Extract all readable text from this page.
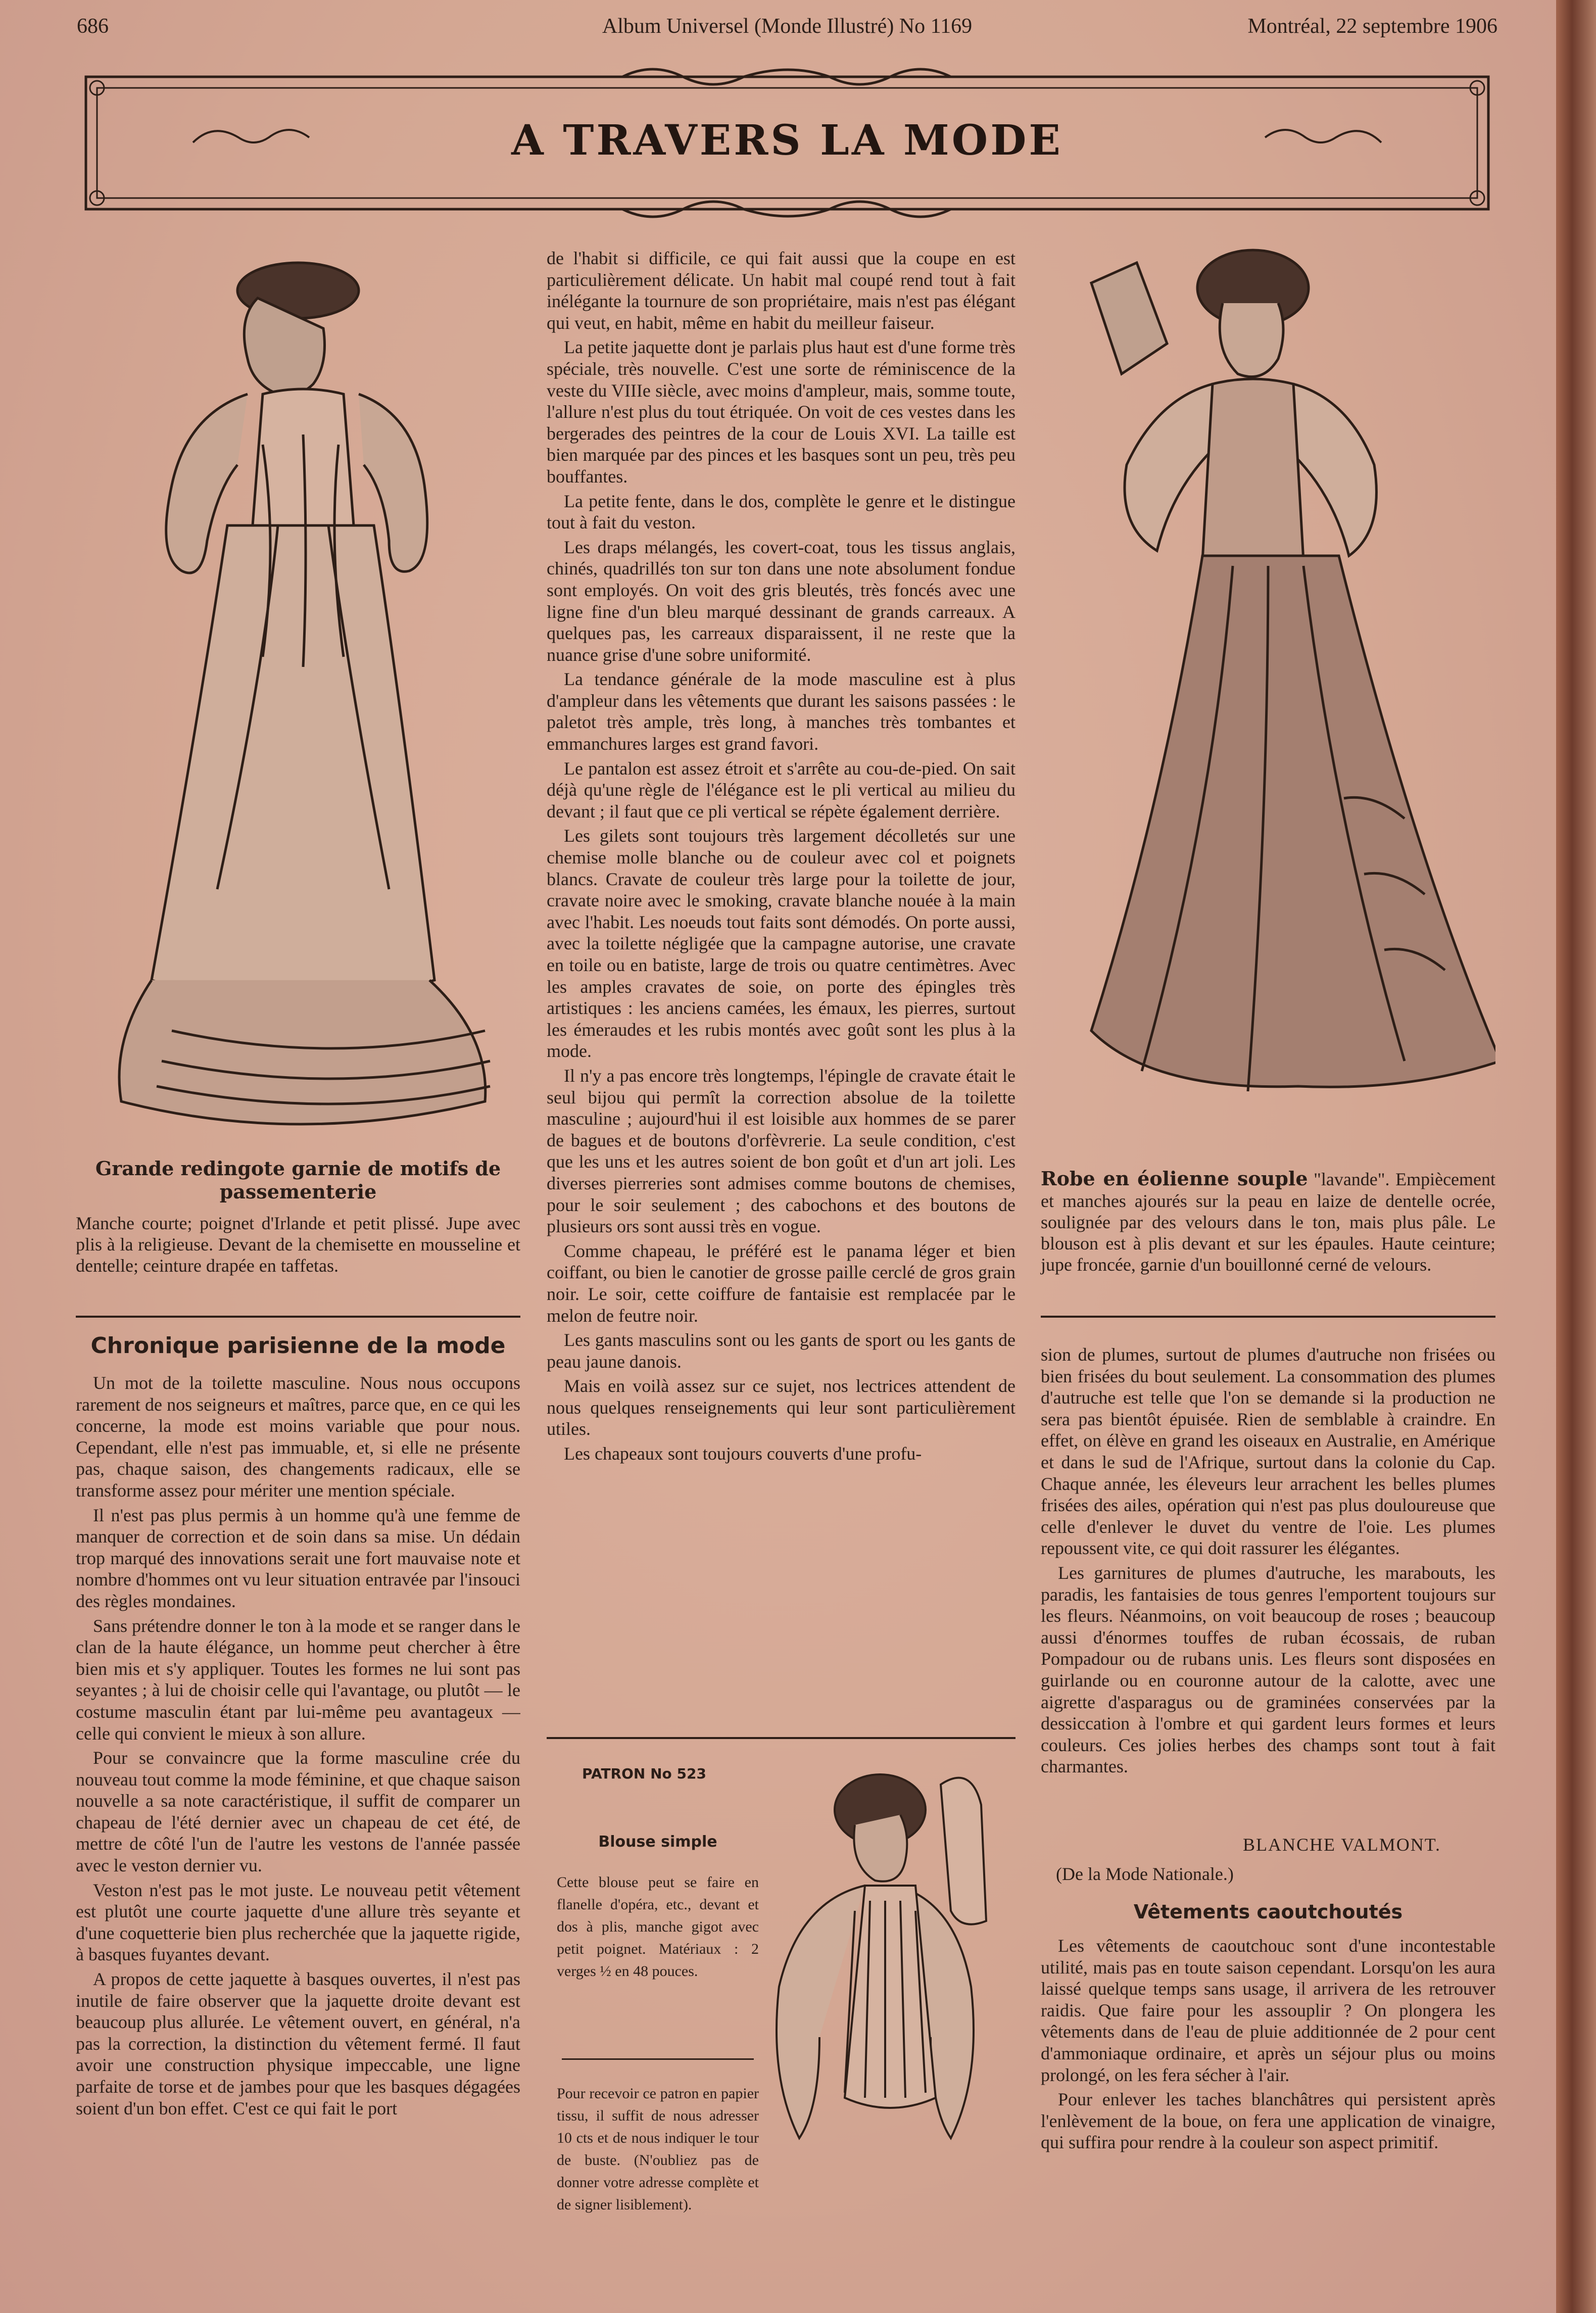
686	Album Universel (Monde Illustré) No 1169	Montréal, 22 septembre 1906
A TRAVERS LA MODE
Grande redingote garnie de motifs de passementerie
Manche courte; poignet d'Irlande et petit plissé. Jupe avec plis à la religieuse. Devant de la chemisette en mousseline et dentelle; ceinture drapée en taffetas.
Chronique parisienne de la mode

Un mot de la toilette masculine. Nous nous occupons rarement de nos seigneurs et maîtres, parce que, en ce qui les concerne, la mode est moins variable que pour nous. Cependant, elle n'est pas immuable, et, si elle ne présente pas, chaque saison, des changements radicaux, elle se transforme assez pour mériter une mention spéciale.

Il n'est pas plus permis à un homme qu'à une femme de manquer de correction et de soin dans sa mise. Un dédain trop marqué des innovations serait une fort mauvaise note et nombre d'hommes ont vu leur situation entravée par l'insouci des règles mondaines.

Sans prétendre donner le ton à la mode et se ranger dans le clan de la haute élégance, un homme peut chercher à être bien mis et s'y appliquer. Toutes les formes ne lui sont pas seyantes ; à lui de choisir celle qui l'avantage, ou plutôt — le costume masculin étant par lui-même peu avantageux — celle qui convient le mieux à son allure.

Pour se convaincre que la forme masculine crée du nouveau tout comme la mode féminine, et que chaque saison nouvelle a sa note caractéristique, il suffit de comparer un chapeau de l'été dernier avec un chapeau de cet été, de mettre de côté l'un de l'autre les vestons de l'année passée avec le veston dernier vu.

Veston n'est pas le mot juste. Le nouveau petit vêtement est plutôt une courte jaquette d'une allure très seyante et d'une coquetterie bien plus recherchée que la jaquette rigide, à basques fuyantes devant.

A propos de cette jaquette à basques ouvertes, il n'est pas inutile de faire observer que la jaquette droite devant est beaucoup plus allurée. Le vêtement ouvert, en général, n'a pas la correction, la distinction du vêtement fermé. Il faut avoir une construction physique impeccable, une ligne parfaite de torse et de jambes pour que les basques dégagées soient d'un bon effet. C'est ce qui fait le port

de l'habit si difficile, ce qui fait aussi que la coupe en est particulièrement délicate. Un habit mal coupé rend tout à fait inélégante la tournure de son propriétaire, mais n'est pas élégant qui veut, en habit, même en habit du meilleur faiseur.

La petite jaquette dont je parlais plus haut est d'une forme très spéciale, très nouvelle. C'est une sorte de réminiscence de la veste du VIIIe siècle, avec moins d'ampleur, mais, somme toute, l'allure n'est plus du tout étriquée. On voit de ces vestes dans les bergerades des peintres de la cour de Louis XVI. La taille est bien marquée par des pinces et les basques sont un peu, très peu bouffantes.

La petite fente, dans le dos, complète le genre et le distingue tout à fait du veston.

Les draps mélangés, les covert-coat, tous les tissus anglais, chinés, quadrillés ton sur ton dans une note absolument fondue sont employés. On voit des gris bleutés, très foncés avec une ligne fine d'un bleu marqué dessinant de grands carreaux. A quelques pas, les carreaux disparaissent, il ne reste que la nuance grise d'une sobre uniformité.

La tendance générale de la mode masculine est à plus d'ampleur dans les vêtements que durant les saisons passées : le paletot très ample, très long, à manches très tombantes et emmanchures larges est grand favori.

Le pantalon est assez étroit et s'arrête au cou-de-pied. On sait déjà qu'une règle de l'élégance est le pli vertical au milieu du devant ; il faut que ce pli vertical se répète également derrière.

Les gilets sont toujours très largement décolletés sur une chemise molle blanche ou de couleur avec col et poignets blancs. Cravate de couleur très large pour la toilette de jour, cravate noire avec le smoking, cravate blanche nouée à la main avec l'habit. Les noeuds tout faits sont démodés. On porte aussi, avec la toilette négligée que la campagne autorise, une cravate en toile ou en batiste, large de trois ou quatre centimètres. Avec les amples cravates de soie, on porte des épingles très artistiques : les anciens camées, les émaux, les pierres, surtout les émeraudes et les rubis montés avec goût sont les plus à la mode.

Il n'y a pas encore très longtemps, l'épingle de cravate était le seul bijou qui permît la correction absolue de la toilette masculine ; aujourd'hui il est loisible aux hommes de se parer de bagues et de boutons d'orfèvrerie. La seule condition, c'est que les uns et les autres soient de bon goût et d'un art joli. Les diverses pierreries sont admises comme boutons de chemises, pour le soir seulement ; des cabochons et des boutons de plusieurs ors sont aussi très en vogue.

Comme chapeau, le préféré est le panama léger et bien coiffant, ou bien le canotier de grosse paille cerclé de gros grain noir. Le soir, cette coiffure de fantaisie est remplacée par le melon de feutre noir.

Les gants masculins sont ou les gants de sport ou les gants de peau jaune danois.

Mais en voilà assez sur ce sujet, nos lectrices attendent de nous quelques renseignements qui leur sont particulièrement utiles.

Les chapeaux sont toujours couverts d'une profu-

PATRON No 523
Blouse simple
Cette blouse peut se faire en flanelle d'opéra, etc., devant et dos à plis, manche gigot avec petit poignet. Matériaux : 2 verges ½ en 48 pouces.
Pour recevoir ce patron en papier tissu, il suffit de nous adresser 10 cts et de nous indiquer le tour de buste. (N'oubliez pas de donner votre adresse complète et de signer lisiblement).
Robe en éolienne souple "lavande". Empiècement et manches ajourés sur la peau en laize de dentelle ocrée, soulignée par des velours dans le ton, mais plus pâle. Le blouson est à plis devant et sur les épaules. Haute ceinture; jupe froncée, garnie d'un bouillonné cerné de velours.

sion de plumes, surtout de plumes d'autruche non frisées ou bien frisées du bout seulement. La consommation des plumes d'autruche est telle que l'on se demande si la production ne sera pas bientôt épuisée. Rien de semblable à craindre. En effet, on élève en grand les oiseaux en Australie, en Amérique et dans le sud de l'Afrique, surtout dans la colonie du Cap. Chaque année, les éleveurs leur arrachent les belles plumes frisées des ailes, opération qui n'est pas plus douloureuse que celle d'enlever le duvet du ventre de l'oie. Les plumes repoussent vite, ce qui doit rassurer les élégantes.

Les garnitures de plumes d'autruche, les marabouts, les paradis, les fantaisies de tous genres l'emportent toujours sur les fleurs. Néanmoins, on voit beaucoup de roses ; beaucoup aussi d'énormes touffes de ruban écossais, de ruban Pompadour ou de rubans unis. Les fleurs sont disposées en guirlande ou en couronne autour de la calotte, avec une aigrette d'asparagus ou de graminées conservées par la dessiccation à l'ombre et qui gardent leurs formes et leurs couleurs. Ces jolies herbes des champs sont tout à fait charmantes.

BLANCHE VALMONT.
(De la Mode Nationale.)
Vêtements caoutchoutés

Les vêtements de caoutchouc sont d'une incontestable utilité, mais pas en toute saison cependant. Lorsqu'on les aura laissé quelque temps sans usage, il arrivera de les retrouver raidis. Que faire pour les assouplir ? On plongera les vêtements dans de l'eau de pluie additionnée de 2 pour cent d'ammoniaque ordinaire, et après un séjour plus ou moins prolongé, on les fera sécher à l'air.

Pour enlever les taches blanchâtres qui persistent après l'enlèvement de la boue, on fera une application de vinaigre, qui suffira pour rendre à la couleur son aspect primitif.
